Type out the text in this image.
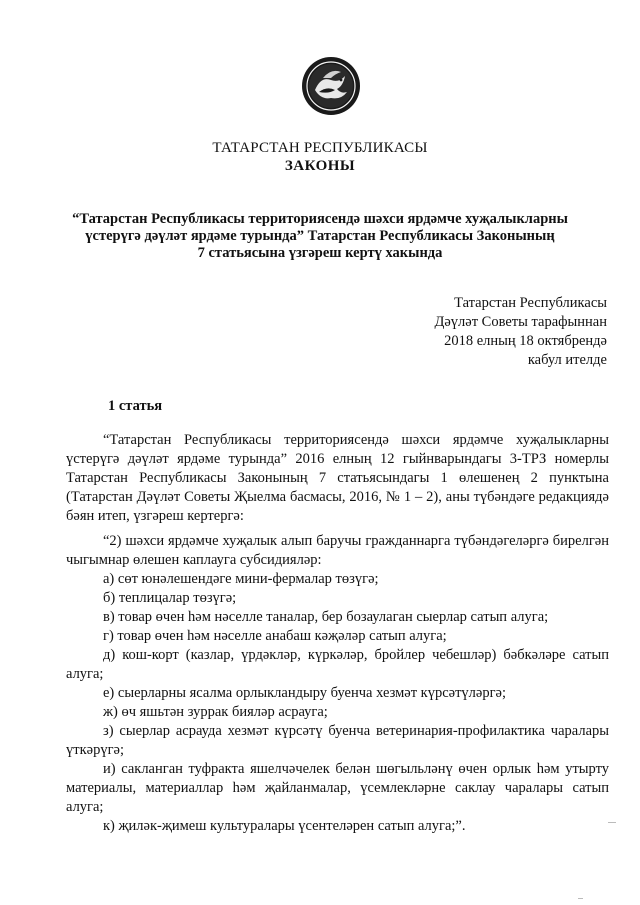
ТАТАРСТАН РЕСПУБЛИКАСЫ
ЗАКОНЫ
“Татарстан Республикасы территориясендә шәхси ярдәмче хуҗалыкларны
үстерүгә дәүләт ярдәме турында” Татарстан Республикасы Законының
7 статьясына үзгәреш кертү хакында
Татарстан Республикасы
Дәүләт Советы тарафыннан
2018 елның 18 октябрендә
кабул ителде
1 статья
“Татарстан Республикасы территориясендә шәхси ярдәмче хуҗалыкларны үстерүгә дәүләт ярдәме турында” 2016 елның 12 гыйнварындагы 3-ТРЗ номерлы Татарстан Республикасы Законының 7 статьясындагы 1 өлешенең 2 пунктына (Татарстан Дәүләт Советы Җыелма басмасы, 2016, № 1 – 2), аны түбәндәге редакциядә бәян итеп, үзгәреш кертергә:
“2) шәхси ярдәмче хуҗалык алып баручы гражданнарга түбәндәгеләргә бирелгән чыгымнар өлешен каплауга субсидияләр:
а) сөт юнәлешендәге мини-фермалар төзүгә;
б) теплицалар төзүгә;
в) товар өчен һәм нәселле таналар, бер бозаулаган сыерлар сатып алуга;
г) товар өчен һәм нәселле анабаш кәҗәләр сатып алуга;
д) кош-корт (казлар, үрдәкләр, күркәләр, бройлер чебешләр) бәбкәләре сатып алуга;
е) сыерларны ясалма орлыкландыру буенча хезмәт күрсәтүләргә;
ж) өч яшьтән зуррак бияләр асрауга;
з) сыерлар асрауда хезмәт күрсәтү буенча ветеринария-профилактика чаралары үткәрүгә;
и) сакланган туфракта яшелчәчелек белән шөгыльләнү өчен орлык һәм утырту материалы, материаллар һәм җайланмалар, үсемлекләрне саклау чаралары сатып алуга;
к) җиләк-җимеш культуралары үсентеләрен сатып алуга;”.
